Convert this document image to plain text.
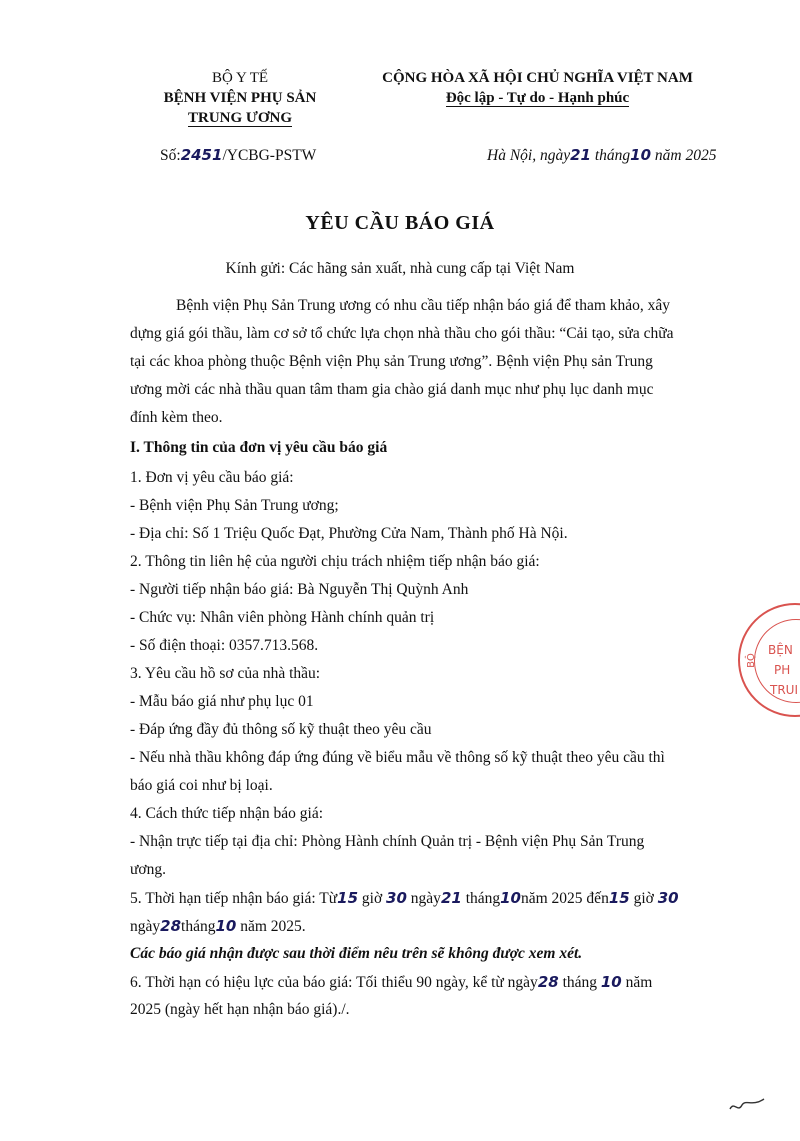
BỘ Y TẾ
BỆNH VIỆN PHỤ SẢN
TRUNG ƯƠNG
CỘNG HÒA XÃ HỘI CHỦ NGHĨA VIỆT NAM
Độc lập - Tự do - Hạnh phúc
Số:2451/YCBG-PSTW	Hà Nội, ngày21 tháng10 năm 2025
YÊU CẦU BÁO GIÁ
Kính gửi: Các hãng sản xuất, nhà cung cấp tại Việt Nam
Bệnh viện Phụ Sản Trung ương có nhu cầu tiếp nhận báo giá để tham khảo, xây
dựng giá gói thầu, làm cơ sở tổ chức lựa chọn nhà thầu cho gói thầu: “Cải tạo, sửa chữa
tại các khoa phòng thuộc Bệnh viện Phụ sản Trung ương”. Bệnh viện Phụ sản Trung
ương mời các nhà thầu quan tâm tham gia chào giá danh mục như phụ lục danh mục
đính kèm theo.
I. Thông tin của đơn vị yêu cầu báo giá
1. Đơn vị yêu cầu báo giá:
- Bệnh viện Phụ Sản Trung ương;
- Địa chỉ: Số 1 Triệu Quốc Đạt, Phường Cửa Nam, Thành phố Hà Nội.
2. Thông tin liên hệ của người chịu trách nhiệm tiếp nhận báo giá:
- Người tiếp nhận báo giá: Bà Nguyễn Thị Quỳnh Anh
- Chức vụ: Nhân viên phòng Hành chính quản trị
- Số điện thoại: 0357.713.568.
3. Yêu cầu hồ sơ của nhà thầu:
- Mẫu báo giá như phụ lục 01
- Đáp ứng đầy đủ thông số kỹ thuật theo yêu cầu
- Nếu nhà thầu không đáp ứng đúng về biểu mẫu về thông số kỹ thuật theo yêu cầu thì
báo giá coi như bị loại.
4. Cách thức tiếp nhận báo giá:
- Nhận trực tiếp tại địa chỉ: Phòng Hành chính Quản trị - Bệnh viện Phụ Sản Trung
ương.
5. Thời hạn tiếp nhận báo giá: Từ15 giờ 30 ngày21 tháng10năm 2025 đến15 giờ 30
ngày28tháng10 năm 2025.
Các báo giá nhận được sau thời điểm nêu trên sẽ không được xem xét.
6. Thời hạn có hiệu lực của báo giá: Tối thiểu 90 ngày, kể từ ngày28 tháng 10 năm
2025 (ngày hết hạn nhận báo giá)./.
BỆN
PH
TRUI
BỘ
